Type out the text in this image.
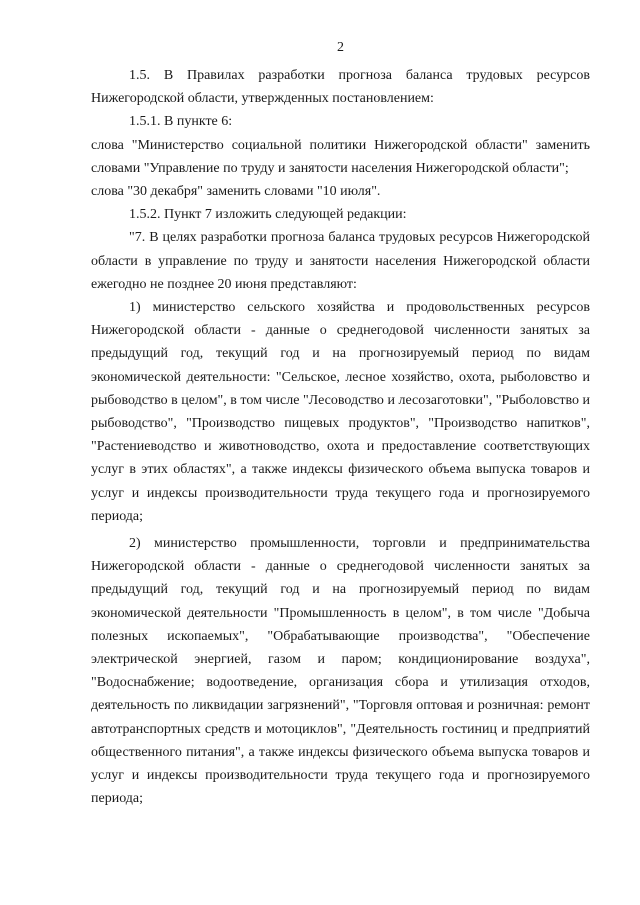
2

1.5. В Правилах разработки прогноза баланса трудовых ресурсов Нижегородской области, утвержденных постановлением:

1.5.1. В пункте 6:

слова "Министерство социальной политики Нижегородской области" заменить словами "Управление по труду и занятости населения Нижегородской области";

слова "30 декабря" заменить словами "10 июля".

1.5.2. Пункт 7 изложить следующей редакции:

"7. В целях разработки прогноза баланса трудовых ресурсов Нижегородской области в управление по труду и занятости населения Нижегородской области ежегодно не позднее 20 июня представляют:

1) министерство сельского хозяйства и продовольственных ресурсов Нижегородской области - данные о среднегодовой численности занятых за предыдущий год, текущий год и на прогнозируемый период по видам экономической деятельности: "Сельское, лесное хозяйство, охота, рыболовство и рыбоводство в целом", в том числе "Лесоводство и лесозаготовки", "Рыболовство и рыбоводство", "Производство пищевых продуктов", "Производство напитков", "Растениеводство и животноводство, охота и предоставление соответствующих услуг в этих областях", а также индексы физического объема выпуска товаров и услуг и индексы производительности труда текущего года и прогнозируемого периода;

2) министерство промышленности, торговли и предпринимательства Нижегородской области - данные о среднегодовой численности занятых за предыдущий год, текущий год и на прогнозируемый период по видам экономической деятельности "Промышленность в целом", в том числе "Добыча полезных ископаемых", "Обрабатывающие производства", "Обеспечение электрической энергией, газом и паром; кондиционирование воздуха", "Водоснабжение; водоотведение, организация сбора и утилизация отходов, деятельность по ликвидации загрязнений", "Торговля оптовая и розничная: ремонт автотранспортных средств и мотоциклов", "Деятельность гостиниц и предприятий общественного питания", а также индексы физического объема выпуска товаров и услуг и индексы производительности труда текущего года и прогнозируемого периода;
